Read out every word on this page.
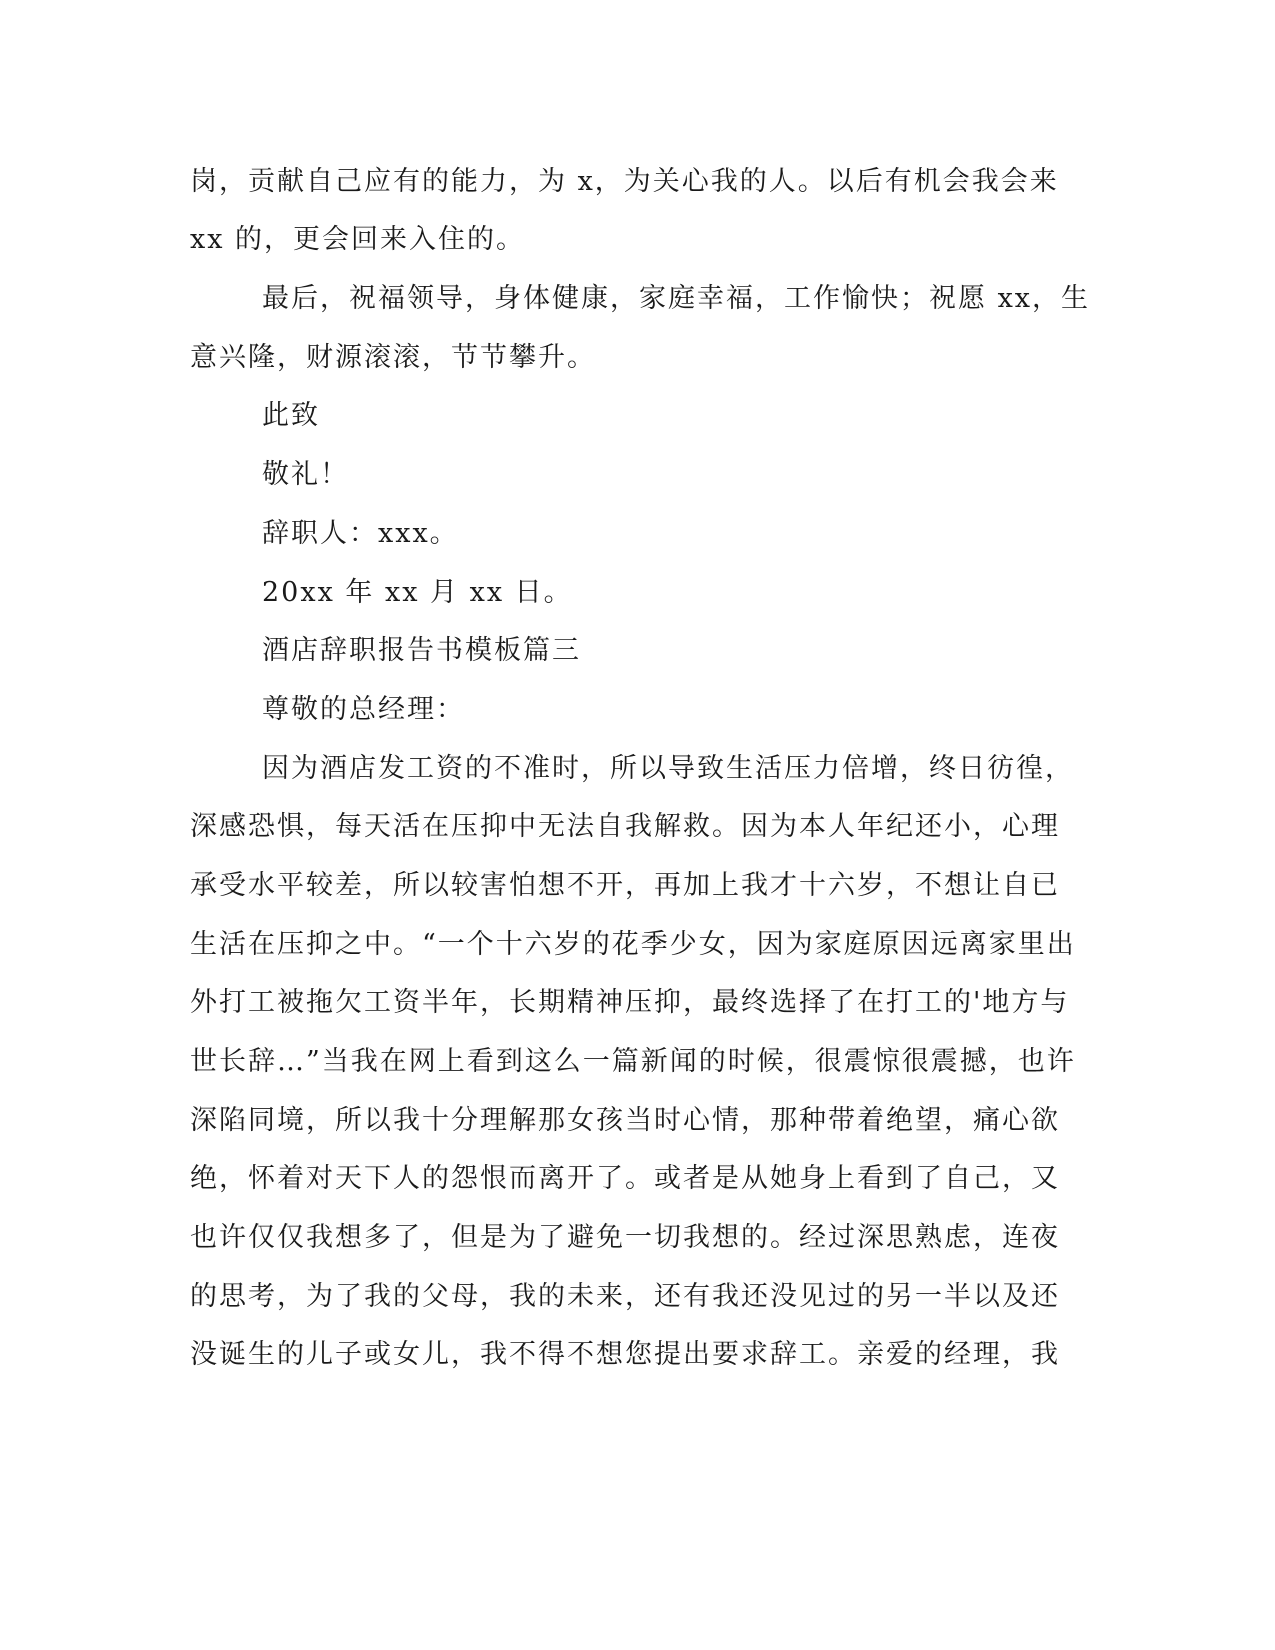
岗，贡献自己应有的能力，为 x，为关心我的人。以后有机会我会来
xx 的，更会回来入住的。
最后，祝福领导，身体健康，家庭幸福，工作愉快；祝愿 xx，生
意兴隆，财源滚滚，节节攀升。
此致
敬礼！
辞职人：xxx。
20xx 年 xx 月 xx 日。
酒店辞职报告书模板篇三
尊敬的总经理：
因为酒店发工资的不准时，所以导致生活压力倍增，终日彷徨，
深感恐惧，每天活在压抑中无法自我解救。因为本人年纪还小，心理
承受水平较差，所以较害怕想不开，再加上我才十六岁，不想让自已
生活在压抑之中。“一个十六岁的花季少女，因为家庭原因远离家里出
外打工被拖欠工资半年，长期精神压抑，最终选择了在打工的'地方与
世长辞…”当我在网上看到这么一篇新闻的时候，很震惊很震撼，也许
深陷同境，所以我十分理解那女孩当时心情，那种带着绝望，痛心欲
绝，怀着对天下人的怨恨而离开了。或者是从她身上看到了自己，又
也许仅仅我想多了，但是为了避免一切我想的。经过深思熟虑，连夜
的思考，为了我的父母，我的未来，还有我还没见过的另一半以及还
没诞生的儿子或女儿，我不得不想您提出要求辞工。亲爱的经理，我
